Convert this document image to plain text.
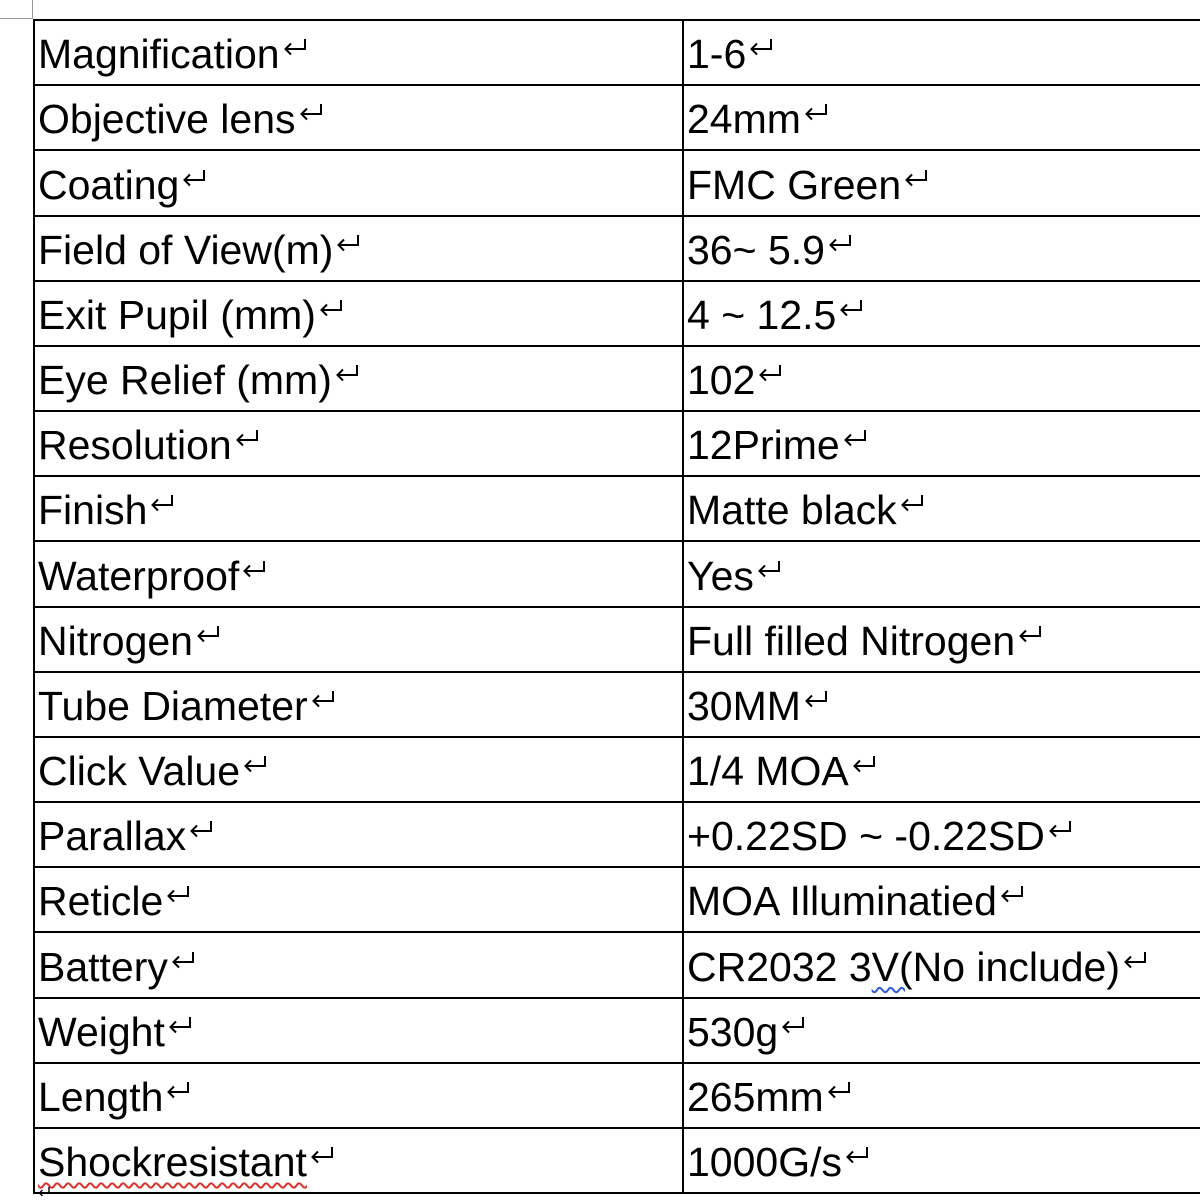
Magnification	1-6
Objective lens	24mm
Coating	FMC Green
Field of View(m)	36~ 5.9
Exit Pupil (mm)	4 ~ 12.5
Eye Relief (mm)	102
Resolution	12Prime
Finish	Matte black
Waterproof	Yes
Nitrogen	Full filled Nitrogen
Tube Diameter	30MM
Click Value	1/4 MOA
Parallax	+0.22SD ~ -0.22SD
Reticle	MOA Illuminatied
Battery	CR2032 3V(No include)
Weight	530g
Length	265mm
Shockresistant	1000G/s
